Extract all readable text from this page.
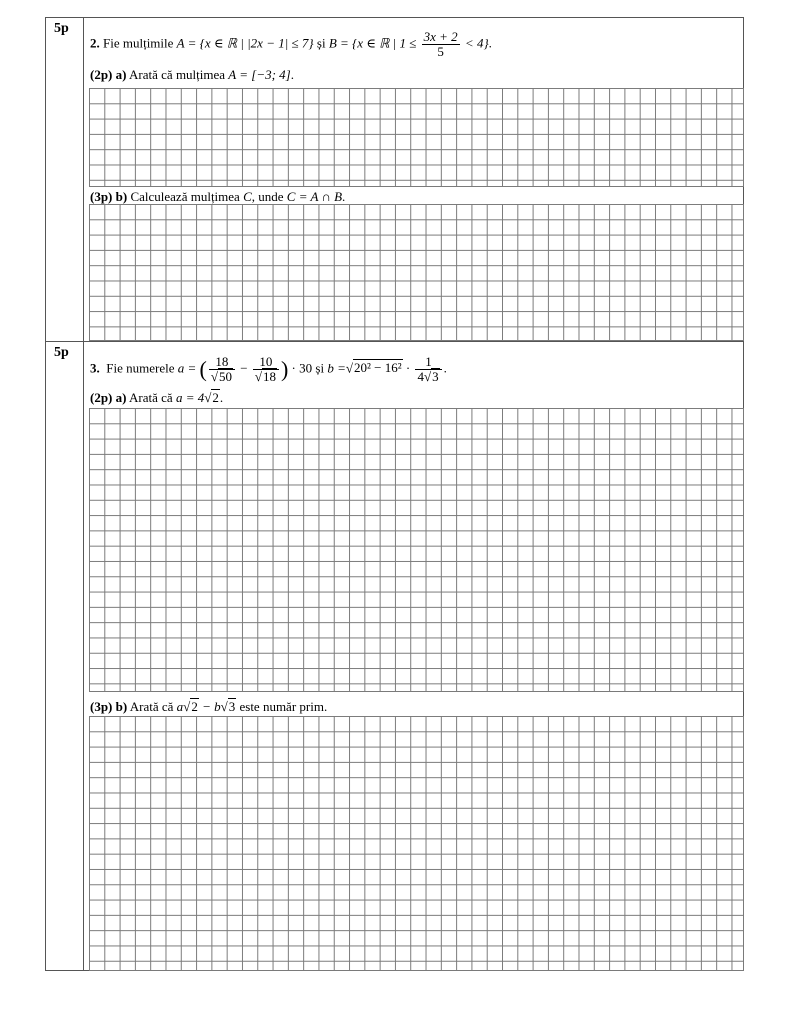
5p
5p
2. Fie mulțimile A = {x ∈ ℝ | |2x − 1| ≤ 7} și B = {x ∈ ℝ | $1 \le \frac{3x + 2}{5} < 4$}.
(2p) a) Arată că mulțimea A = [−3; 4].
(3p) b) Calculează mulțimea C, unde C = A ∩ B.
3. Fie numerele a = ( $\frac{18}{√50} - \frac{10}{√18}$ ) · 30 și $b =√20^2 - 16^2 \cdot \frac{1}{4√3}$ .
(2p) a) Arată că a = 4√2.
(3p) b) Arată că a√2 − b√3 este număr prim.
